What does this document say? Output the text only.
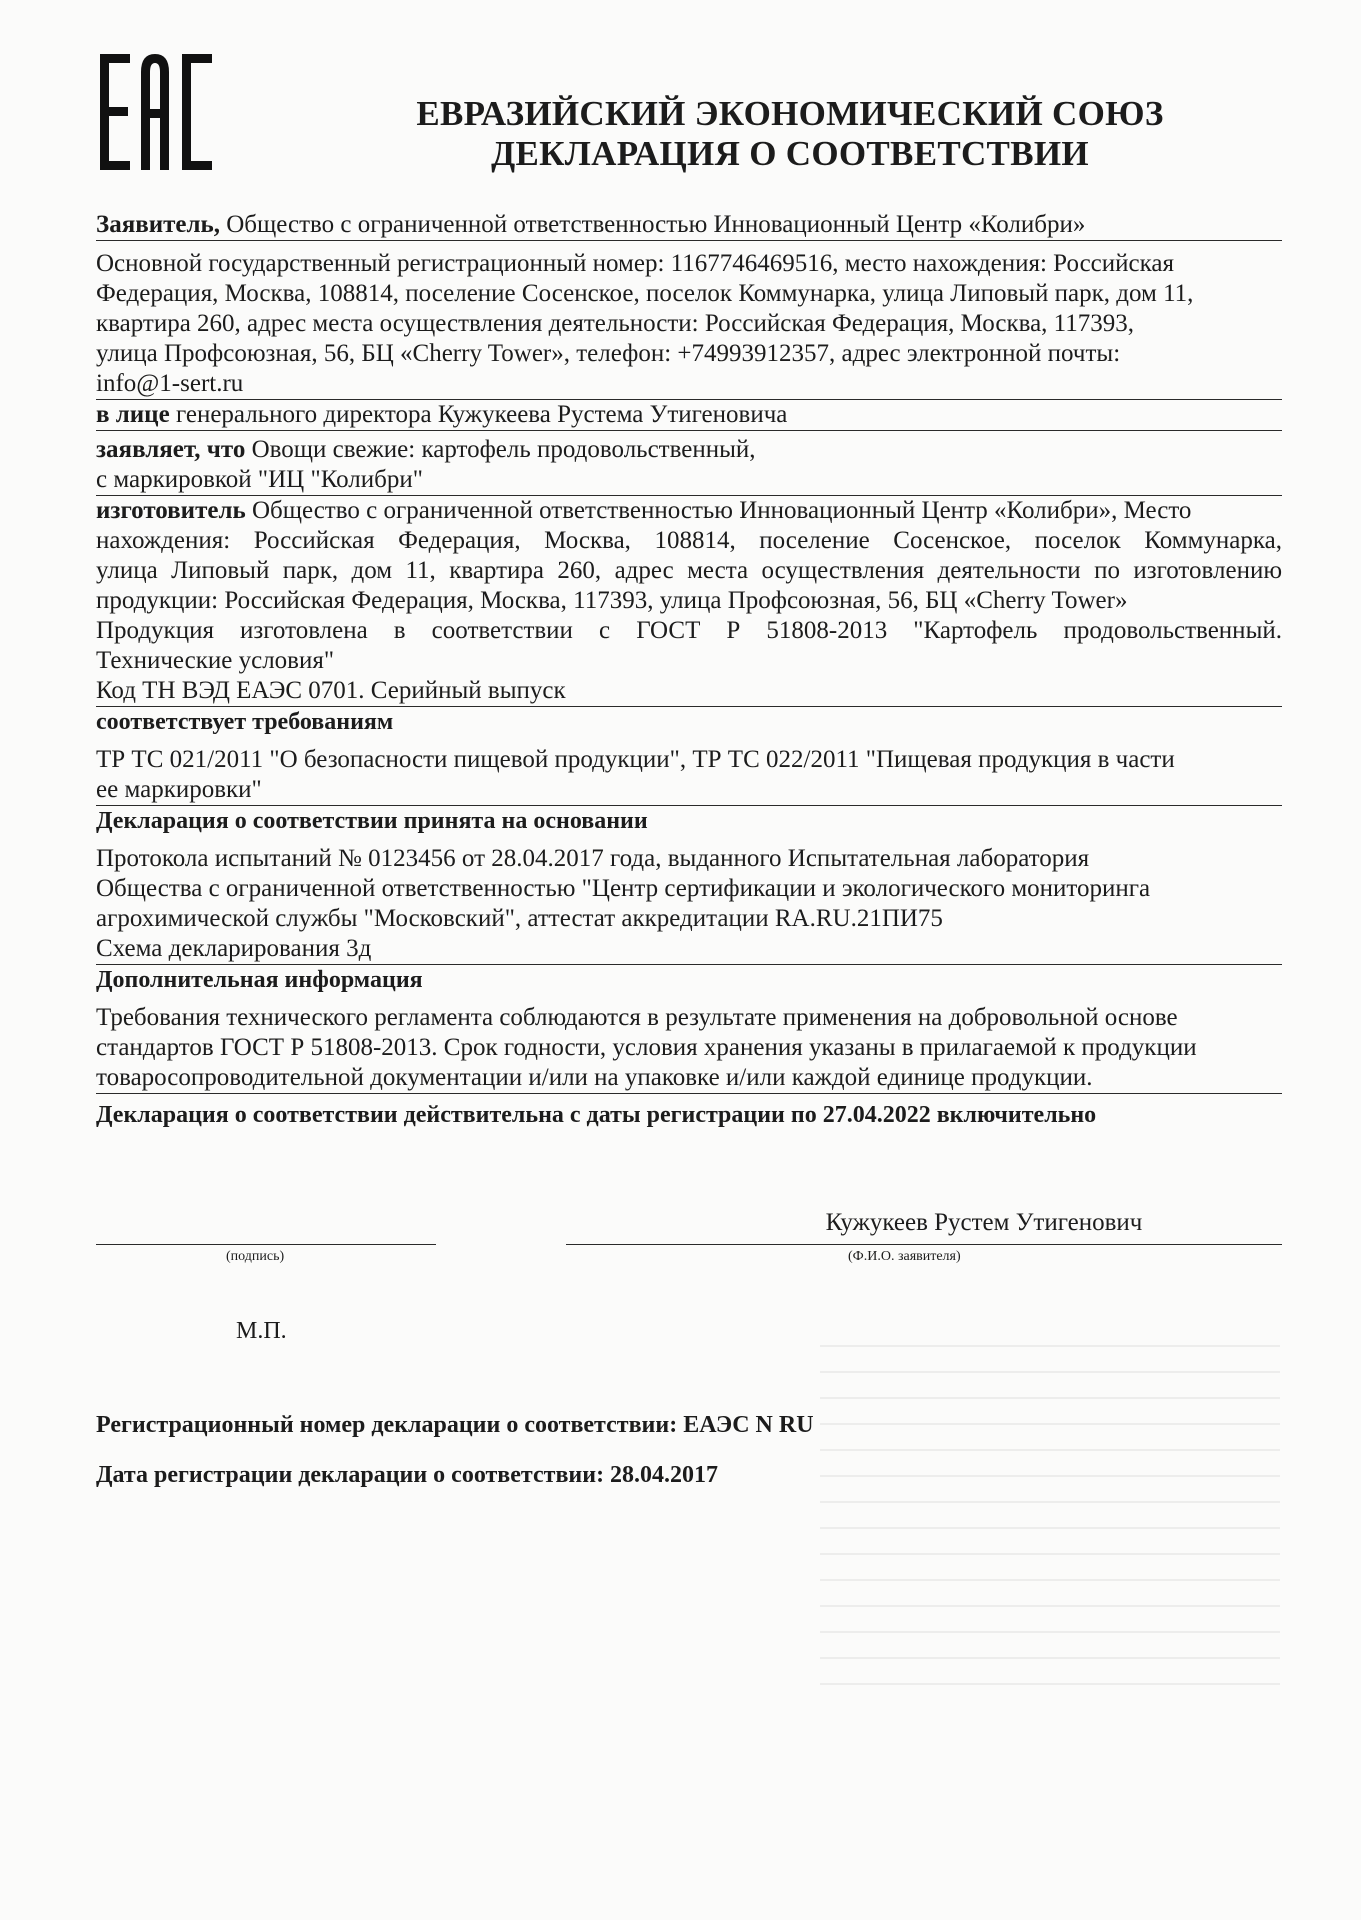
ЕВРАЗИЙСКИЙ ЭКОНОМИЧЕСКИЙ СОЮЗ
ДЕКЛАРАЦИЯ О СООТВЕТСТВИИ
Заявитель, Общество с ограниченной ответственностью Инновационный Центр «Колибри»
Основной государственный регистрационный номер: 1167746469516, место нахождения: Российская
Федерация, Москва, 108814, поселение Сосенское, поселок Коммунарка, улица Липовый парк, дом 11,
квартира 260, адрес места осуществления деятельности: Российская Федерация, Москва, 117393,
улица Профсоюзная, 56, БЦ «Cherry Tower», телефон: +74993912357, адрес электронной почты:
info@1-sert.ru
в лице генерального директора Кужукеева Рустема Утигеновича
заявляет, что Овощи свежие: картофель продовольственный,
с маркировкой "ИЦ "Колибри"
изготовитель Общество с ограниченной ответственностью Инновационный Центр «Колибри», Место
нахождения: Российская Федерация, Москва, 108814, поселение Сосенское, поселок Коммунарка,
улица Липовый парк, дом 11, квартира 260, адрес места осуществления деятельности по изготовлению
продукции: Российская Федерация, Москва, 117393, улица Профсоюзная, 56, БЦ «Cherry Tower»
Продукция изготовлена в соответствии с ГОСТ Р 51808-2013 "Картофель продовольственный.
Технические условия"
Код ТН ВЭД ЕАЭС 0701. Серийный выпуск
соответствует требованиям
ТР ТС 021/2011 "О безопасности пищевой продукции", ТР ТС 022/2011 "Пищевая продукция в части
ее маркировки"
Декларация о соответствии принята на основании
Протокола испытаний № 0123456 от 28.04.2017 года, выданного Испытательная лаборатория
Общества с ограниченной ответственностью "Центр сертификации и экологического мониторинга
агрохимической службы "Московский", аттестат аккредитации RA.RU.21ПИ75
Схема декларирования 3д
Дополнительная информация
Требования технического регламента соблюдаются в результате применения на добровольной основе
стандартов ГОСТ Р 51808-2013. Срок годности, условия хранения указаны в прилагаемой к продукции
товаросопроводительной документации и/или на упаковке и/или каждой единице продукции.
Декларация о соответствии действительна с даты регистрации по 27.04.2022 включительно
Кужукеев Рустем Утигенович
(подпись)	(Ф.И.О. заявителя)
М.П.
Регистрационный номер декларации о соответствии: ЕАЭС N RU
Дата регистрации декларации о соответствии: 28.04.2017
